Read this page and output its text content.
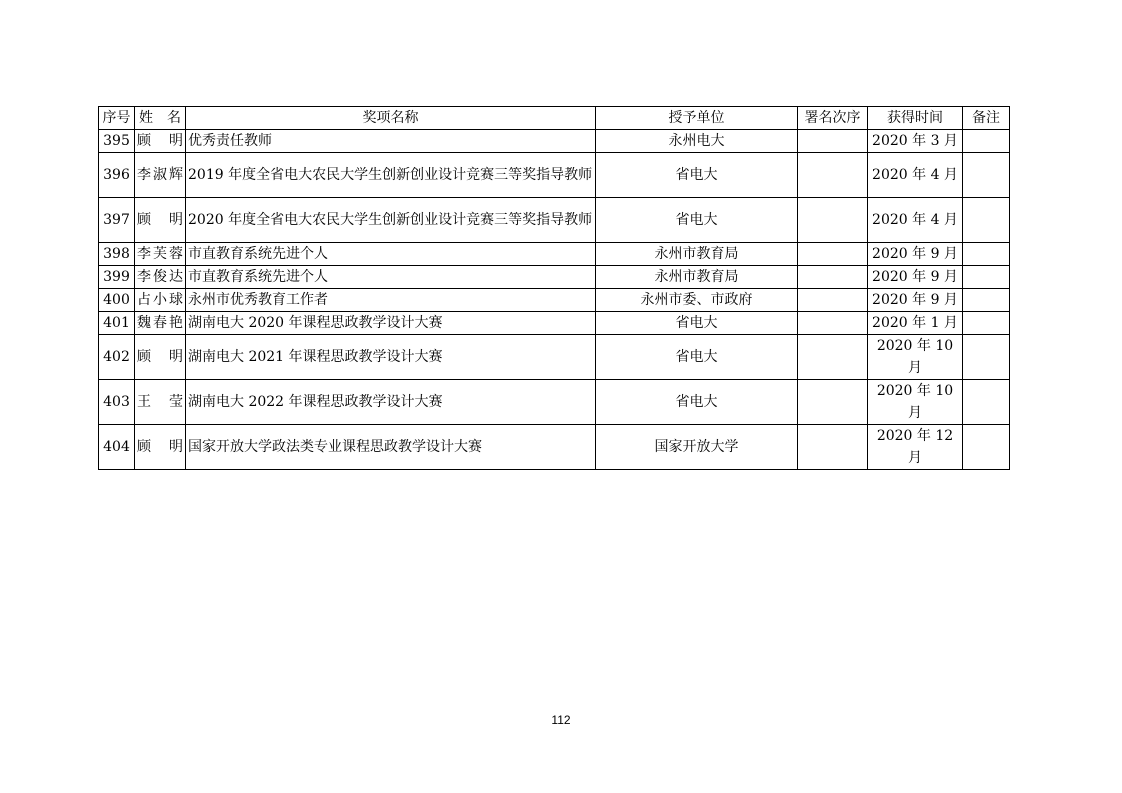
序号	姓　名	奖项名称	授予单位	署名次序	获得时间	备注
395	顾　明	优秀责任教师	永州电大		2020 年 3 月	
396	李淑辉	2019 年度全省电大农民大学生创新创业设计竞赛三等奖指导教师	省电大		2020 年 4 月	
397	顾　明	2020 年度全省电大农民大学生创新创业设计竞赛三等奖指导教师	省电大		2020 年 4 月	
398	李芙蓉	市直教育系统先进个人	永州市教育局		2020 年 9 月	
399	李俊达	市直教育系统先进个人	永州市教育局		2020 年 9 月	
400	占小球	永州市优秀教育工作者	永州市委、市政府		2020 年 9 月	
401	魏春艳	湖南电大 2020 年课程思政教学设计大赛	省电大		2020 年 1 月	
402	顾　明	湖南电大 2021 年课程思政教学设计大赛	省电大		2020 年 10 月	
403	王　莹	湖南电大 2022 年课程思政教学设计大赛	省电大		2020 年 10 月	
404	顾　明	国家开放大学政法类专业课程思政教学设计大赛	国家开放大学		2020 年 12 月	
112
